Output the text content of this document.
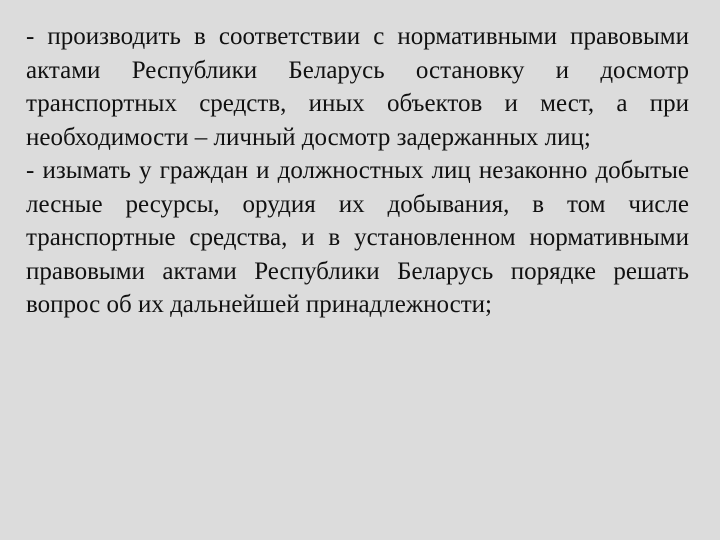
- производить в соответствии с нормативными правовыми актами Республики Беларусь остановку и досмотр транспортных средств, иных объектов и мест, а при необходимости – личный досмотр задержанных лиц;

- изымать у граждан и должностных лиц незаконно добытые лесные ресурсы, орудия их добывания, в том числе транспортные средства, и в установленном нормативными правовыми актами Республики Беларусь порядке решать вопрос об их дальнейшей принадлежности;
